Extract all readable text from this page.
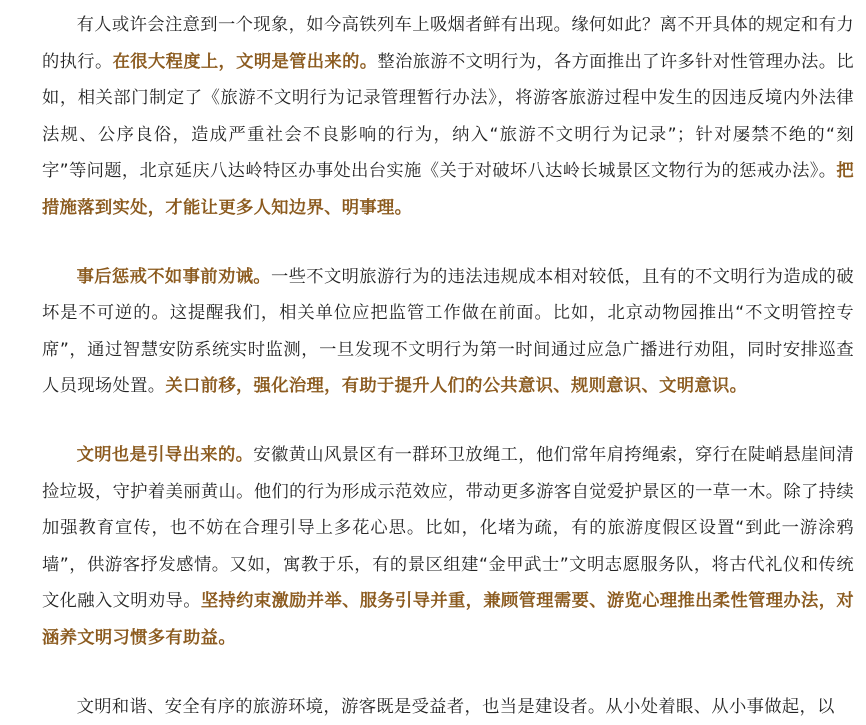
有人或许会注意到一个现象，如今高铁列车上吸烟者鲜有出现。缘何如此？离不开具体的规定和有力的执行。在很大程度上，文明是管出来的。整治旅游不文明行为，各方面推出了许多针对性管理办法。比如，相关部门制定了《旅游不文明行为记录管理暂行办法》，将游客旅游过程中发生的因违反境内外法律法规、公序良俗，造成严重社会不良影响的行为，纳入“旅游不文明行为记录”；针对屡禁不绝的“刻字”等问题，北京延庆八达岭特区办事处出台实施《关于对破坏八达岭长城景区文物行为的惩戒办法》。把措施落到实处，才能让更多人知边界、明事理。

事后惩戒不如事前劝诫。一些不文明旅游行为的违法违规成本相对较低，且有的不文明行为造成的破坏是不可逆的。这提醒我们，相关单位应把监管工作做在前面。比如，北京动物园推出“不文明管控专席”，通过智慧安防系统实时监测，一旦发现不文明行为第一时间通过应急广播进行劝阻，同时安排巡查人员现场处置。关口前移，强化治理，有助于提升人们的公共意识、规则意识、文明意识。

文明也是引导出来的。安徽黄山风景区有一群环卫放绳工，他们常年肩挎绳索，穿行在陡峭悬崖间清捡垃圾，守护着美丽黄山。他们的行为形成示范效应，带动更多游客自觉爱护景区的一草一木。除了持续加强教育宣传，也不妨在合理引导上多花心思。比如，化堵为疏，有的旅游度假区设置“到此一游涂鸦墙”，供游客抒发感情。又如，寓教于乐，有的景区组建“金甲武士”文明志愿服务队，将古代礼仪和传统文化融入文明劝导。坚持约束激励并举、服务引导并重，兼顾管理需要、游览心理推出柔性管理办法，对涵养文明习惯多有助益。

文明和谐、安全有序的旅游环境，游客既是受益者，也当是建设者。从小处着眼、从小事做起，以
